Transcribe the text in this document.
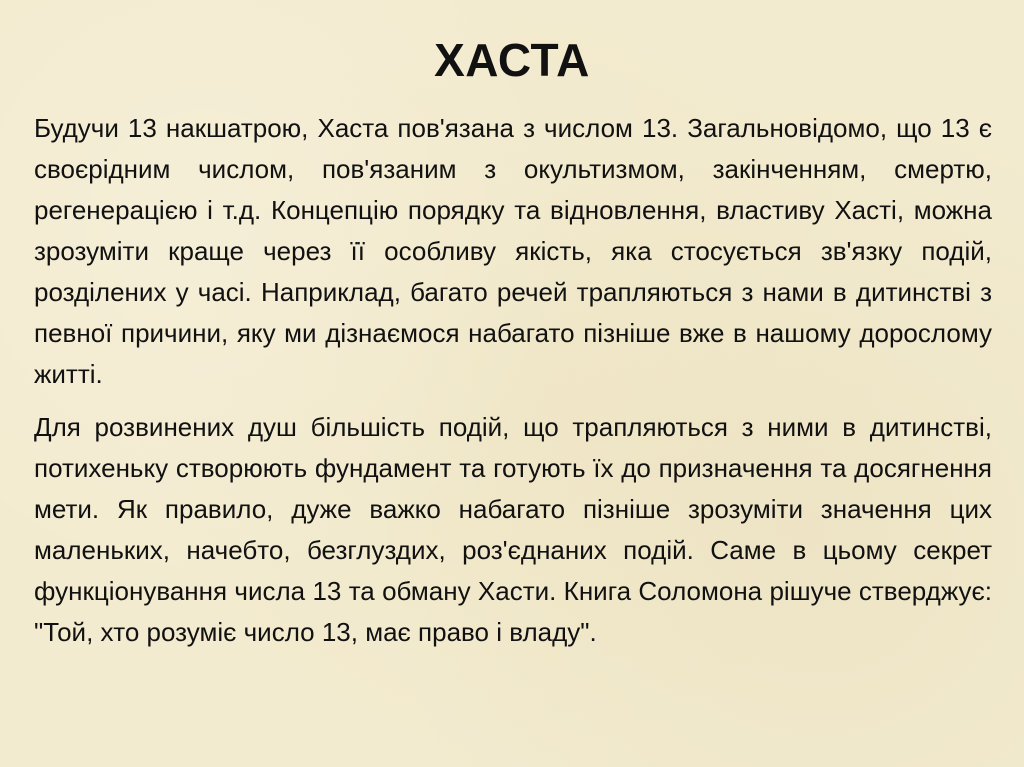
ХАСТА

Будучи 13 накшатрою, Хаста пов'язана з числом 13. Загальновідомо, що 13 є своєрідним числом, пов'язаним з окультизмом, закінченням, смертю, регенерацією і т.д. Концепцію порядку та відновлення, властиву Хасті, можна зрозуміти краще через її особливу якість, яка стосується зв'язку подій, розділених у часі. Наприклад, багато речей трапляються з нами в дитинстві з певної причини, яку ми дізнаємося набагато пізніше вже в нашому дорослому житті.

Для розвинених душ більшість подій, що трапляються з ними в дитинстві, потихеньку створюють фундамент та готують їх до призначення та досягнення мети. Як правило, дуже важко набагато пізніше зрозуміти значення цих маленьких, начебто, безглуздих, роз'єднаних подій. Саме в цьому секрет функціонування числа 13 та обману Хасти. Книга Соломона рішуче стверджує: "Той, хто розуміє число 13, має право і владу".
